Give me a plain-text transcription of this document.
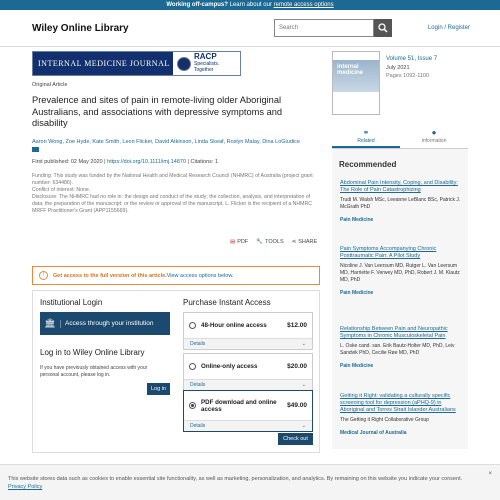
Working off-campus? Learn about our remote access options
Wiley Online Library	Search	Login / Register
INTERNAL MEDICINE JOURNAL
RACP
Specialists. Together
Original Article
Prevalence and sites of pain in remote-living older Aboriginal Australians, and associations with depressive symptoms and disability
Aaron Wong, Zoe Hyde, Kate Smith, Leon Flicker, David Atkinson, Linda Skeaf, Roslyn Malay, Dina LoGiudice
First published: 02 May 2020 | https://doi.org/10.1111/imj.14870 | Citations: 1
Funding: This study was funded by the National Health and Medical Research Council (NHMRC) of Australia (project grant number: 634486).
Conflict of interest: None.
Disclosure: The NHMRC had no role in: the design and conduct of the study; the collection, analysis, and interpretation of data; the preparation of the manuscript; or the review or approval of the manuscript. L. Flicker is the recipient of a NHMRC MRFF Practitioner's Grant (APP1155669).
▤ PDF 🔧 TOOLS ⋖ SHARE
!	Get access to the full version of this article. View access options below.
Institutional Login
🏛	Access through your institution
Log in to Wiley Online Library
If you have previously obtained access with your personal account, please log in.
Log in
Purchase Instant Access
48-Hour online access	$12.00
Details	⌄
Online-only access	$20.00
Details	⌄
PDF download and online access	$49.00
Details	⌄
Check out
internal medicine
Volume 51, Issue 7
July 2021
Pages 1092-1100
⚭
Related
●
Information
Recommended
Abdominal Pain Intensity, Coping, and Disability: The Role of Pain Catastrophizing
Trudi M. Walsh MSc, Leeanne LeBlanc BSc, Patrick J. McGrath PhD
Pain Medicine
Pain Symptoms Accompanying Chronic Posttraumatic Pain: A Pilot Study
Nicoline J. Van Leersum MD, Rutger L. Van Leersum MD, Harriette F. Verwey MD, PhD, Robert J. M. Klautz MD, PhD
Pain Medicine
Relationship Between Pain and Neuropathic Symptoms in Chronic Musculoskeletal Pain
L. Oske cand. san. Erik Bautz-Holter MD, PhD, Leiv Sandvik PhD, Cecilie Røe MD, PhD
Pain Medicine
Getting it Right: validating a culturally specific screening tool for depression (aPHQ-9) in Aboriginal and Torres Strait Islander Australians
The Getting it Right Collaborative Group
Medical Journal of Australia
This website stores data such as cookies to enable essential site functionality, as well as marketing, personalization, and analytics. By remaining on this website you indicate your consent. Privacy Policy
×
